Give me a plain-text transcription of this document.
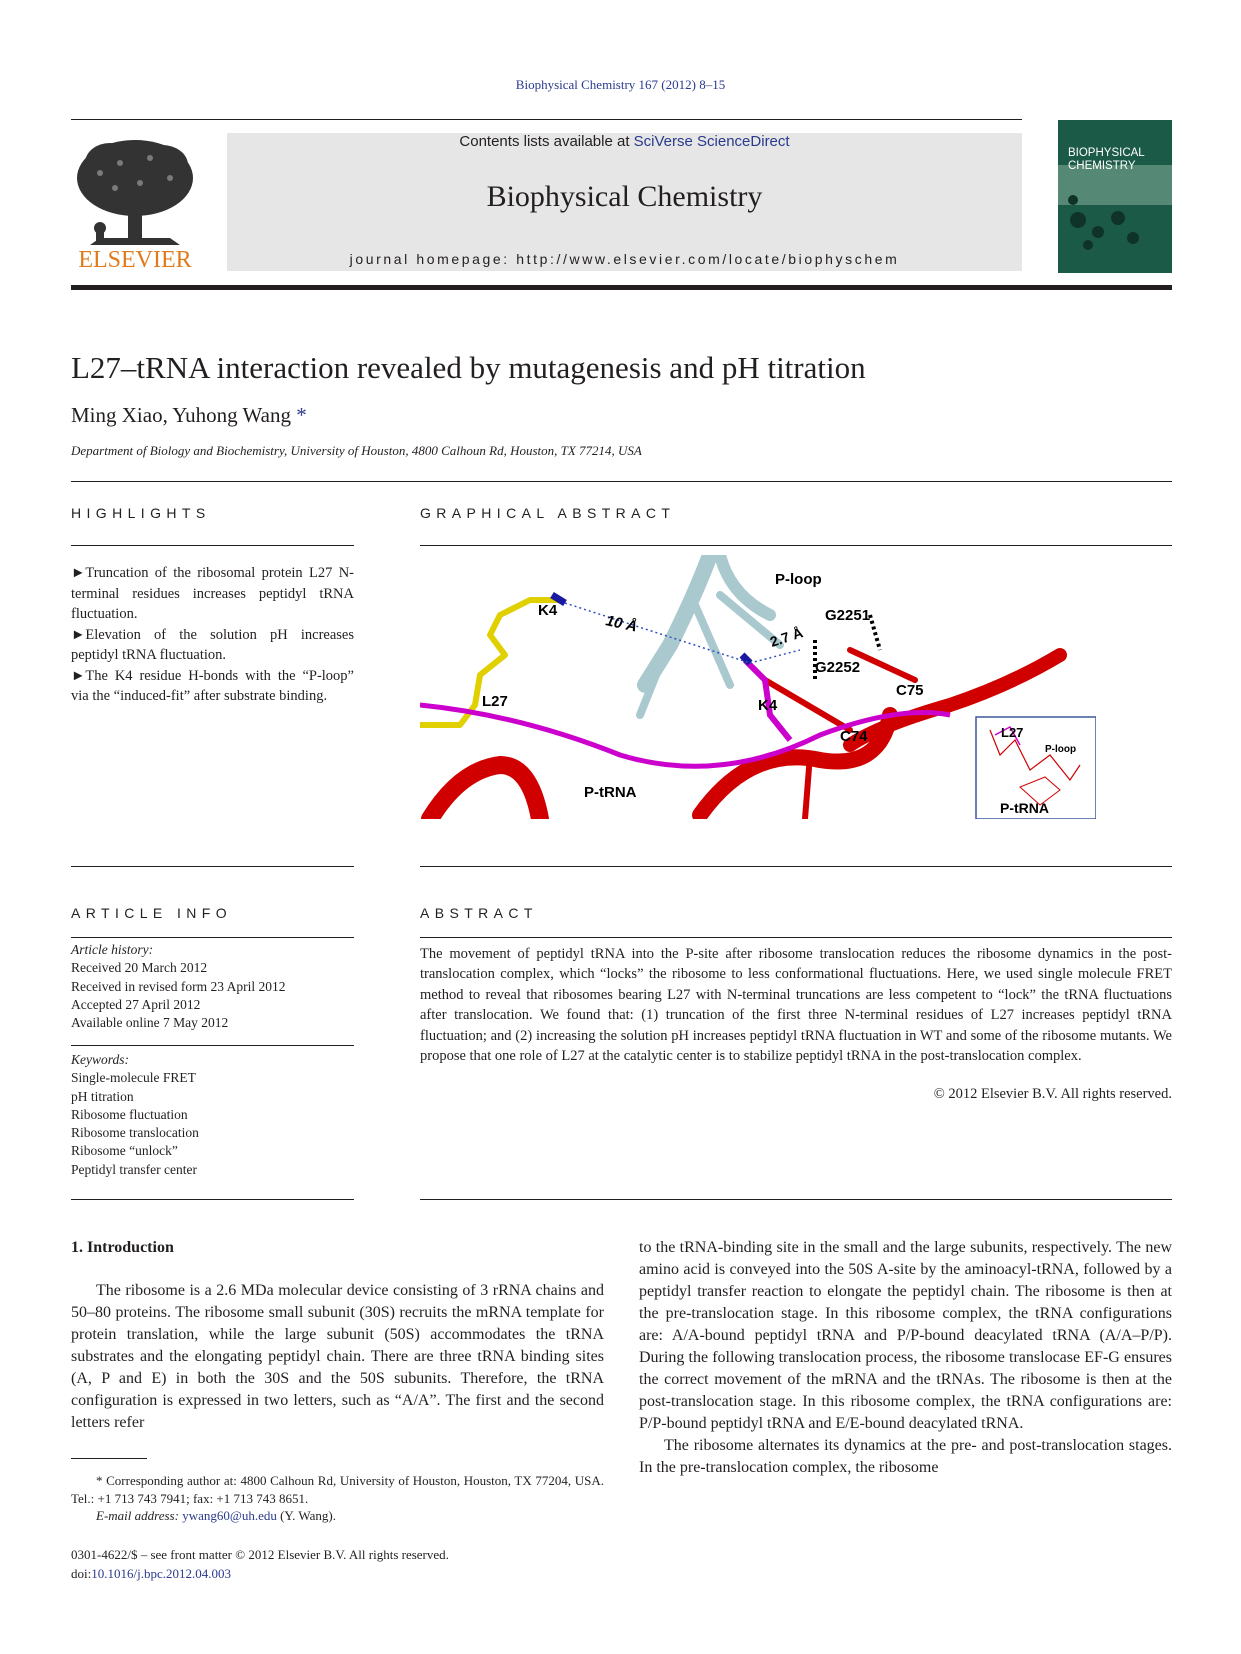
Biophysical Chemistry 167 (2012) 8–15
ELSEVIER
Contents lists available at SciVerse ScienceDirect
Biophysical Chemistry
journal homepage: http://www.elsevier.com/locate/biophyschem
BIOPHYSICAL
CHEMISTRY
L27–tRNA interaction revealed by mutagenesis and pH titration
Ming Xiao, Yuhong Wang *
Department of Biology and Biochemistry, University of Houston, 4800 Calhoun Rd, Houston, TX 77214, USA
HIGHLIGHTS

►Truncation of the ribosomal protein L27 N-terminal residues increases peptidyl tRNA fluctuation.

►Elevation of the solution pH increases peptidyl tRNA fluctuation.

►The K4 residue H-bonds with the “P-loop” via the “induced-fit” after substrate binding.

GRAPHICAL ABSTRACT
P-loop
G2251
G2252
K4
K4
10 Å
2.7 Å
C75
C74
L27
P-tRNA
L27
P-loop
P-tRNA
ARTICLE INFO
Article history:
Received 20 March 2012
Received in revised form 23 April 2012
Accepted 27 April 2012
Available online 7 May 2012
Keywords:
Single-molecule FRET
pH titration
Ribosome fluctuation
Ribosome translocation
Ribosome “unlock”
Peptidyl transfer center
ABSTRACT
The movement of peptidyl tRNA into the P-site after ribosome translocation reduces the ribosome dynamics in the post-translocation complex, which “locks” the ribosome to less conformational fluctuations. Here, we used single molecule FRET method to reveal that ribosomes bearing L27 with N-terminal truncations are less competent to “lock” the tRNA fluctuations after translocation. We found that: (1) truncation of the first three N-terminal residues of L27 increases peptidyl tRNA fluctuation; and (2) increasing the solution pH increases peptidyl tRNA fluctuation in WT and some of the ribosome mutants. We propose that one role of L27 at the catalytic center is to stabilize peptidyl tRNA in the post-translocation complex.
© 2012 Elsevier B.V. All rights reserved.
1. Introduction

The ribosome is a 2.6 MDa molecular device consisting of 3 rRNA chains and 50–80 proteins. The ribosome small subunit (30S) recruits the mRNA template for protein translation, while the large subunit (50S) accommodates the tRNA substrates and the elongating peptidyl chain. There are three tRNA binding sites (A, P and E) in both the 30S and the 50S subunits. Therefore, the tRNA configuration is expressed in two letters, such as “A/A”. The first and the second letters refer

to the tRNA-binding site in the small and the large subunits, respectively. The new amino acid is conveyed into the 50S A-site by the aminoacyl-tRNA, followed by a peptidyl transfer reaction to elongate the peptidyl chain. The ribosome is then at the pre-translocation stage. In this ribosome complex, the tRNA configurations are: A/A-bound peptidyl tRNA and P/P-bound deacylated tRNA (A/A–P/P). During the following translocation process, the ribosome translocase EF-G ensures the correct movement of the mRNA and the tRNAs. The ribosome is then at the post-translocation stage. In this ribosome complex, the tRNA configurations are: P/P-bound peptidyl tRNA and E/E-bound deacylated tRNA.

The ribosome alternates its dynamics at the pre- and post-translocation stages. In the pre-translocation complex, the ribosome

* Corresponding author at: 4800 Calhoun Rd, University of Houston, Houston, TX 77204, USA. Tel.: +1 713 743 7941; fax: +1 713 743 8651.
E-mail address: ywang60@uh.edu (Y. Wang).
0301-4622/$ – see front matter © 2012 Elsevier B.V. All rights reserved.
doi:10.1016/j.bpc.2012.04.003
